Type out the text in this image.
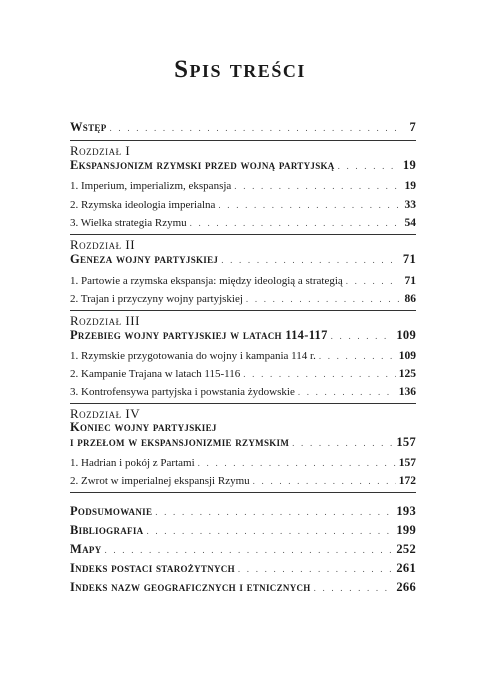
Spis treści
Wstęp . . .	7
Rozdział I
Ekspansjonizm rzymski przed wojną partyjską . . .	19
1. Imperium, imperializm, ekspansja . . .	19
2. Rzymska ideologia imperialna . . .	33
3. Wielka strategia Rzymu . . .	54
Rozdział II
Geneza wojny partyjskiej . . .	71
1. Partowie a rzymska ekspansja: między ideologią a strategią . . .	71
2. Trajan i przyczyny wojny partyjskiej . . .	86
Rozdział III
Przebieg wojny partyjskiej w latach 114-117 . . .	109
1. Rzymskie przygotowania do wojny i kampania 114 r. . . .	109
2. Kampanie Trajana w latach 115-116 . . .	125
3. Kontrofensywa partyjska i powstania żydowskie . . .	136
Rozdział IV
Koniec wojny partyjskiej
i przełom w ekspansjonizmie rzymskim . . .	157
1. Hadrian i pokój z Partami . . .	157
2. Zwrot w imperialnej ekspansji Rzymu . . .	172
Podsumowanie . . .	193
Bibliografia . . .	199
Mapy . . .	252
Indeks postaci starożytnych . . .	261
Indeks nazw geograficznych i etnicznych . . .	266
